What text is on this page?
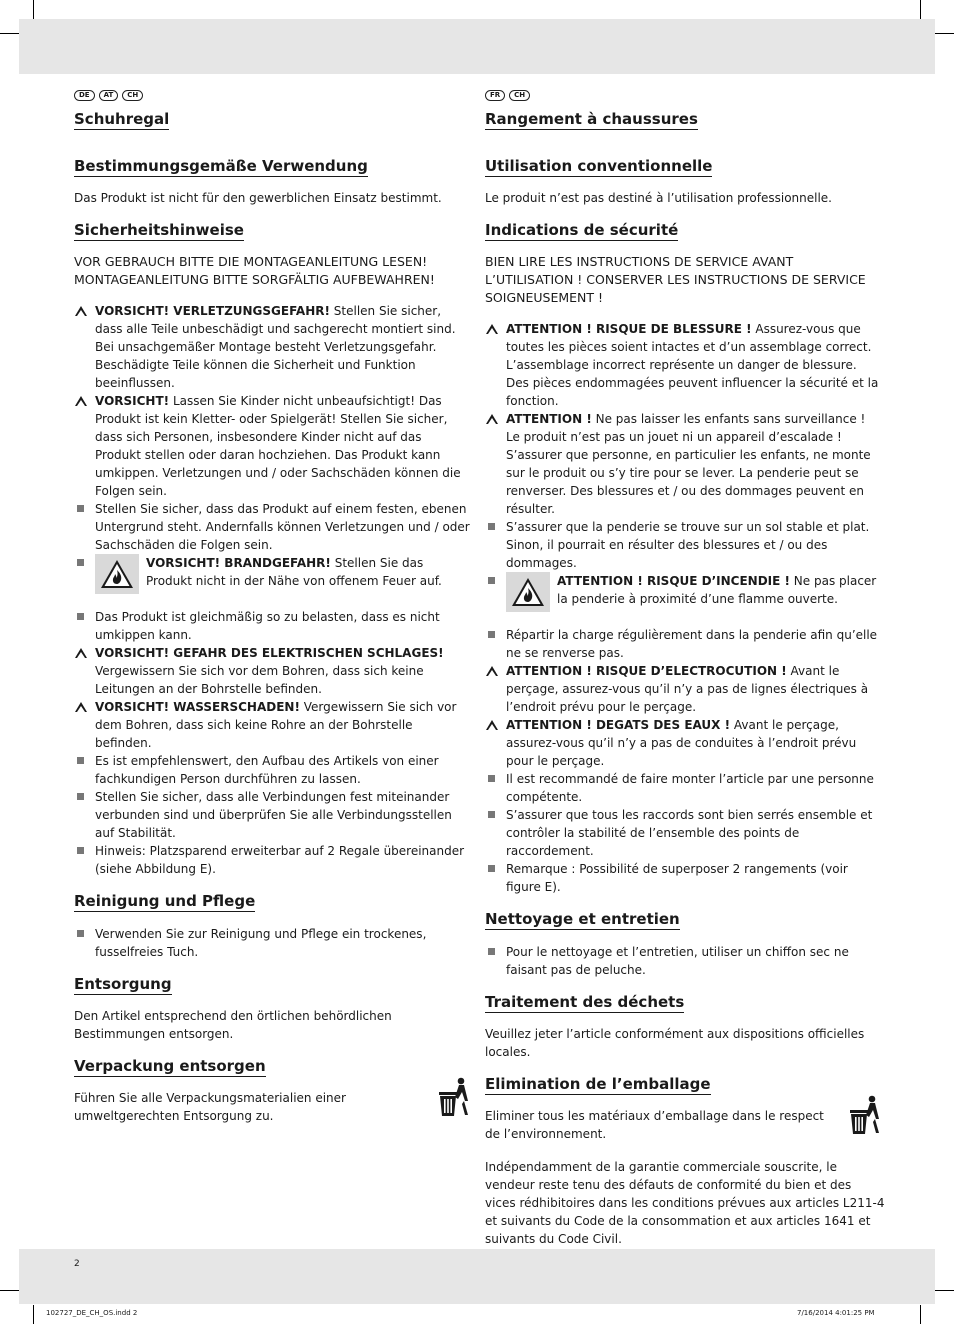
DE	AT	CH
Schuhregal
Bestimmungsgemäße Verwendung

Das Produkt ist nicht für den gewerblichen Einsatz bestimmt.

Sicherheitshinweise

VOR GEBRAUCH BITTE DIE MONTAGEANLEITUNG LESEN! MONTAGEANLEITUNG BITTE SORGFÄLTIG AUFBEWAHREN!

VORSICHT! VERLETZUNGSGEFAHR! Stellen Sie sicher, dass alle Teile unbeschädigt und sachgerecht montiert sind. Bei unsachgemäßer Montage besteht Verletzungsgefahr. Beschädigte Teile können die Sicherheit und Funktion beeinflussen.
VORSICHT! Lassen Sie Kinder nicht unbeaufsichtigt! Das Produkt ist kein Kletter- oder Spielgerät! Stellen Sie sicher, dass sich Personen, insbesondere Kinder nicht auf das Produkt stellen oder daran hochziehen. Das Produkt kann umkippen. Verletzungen und / oder Sachschäden können die Folgen sein.
Stellen Sie sicher, dass das Produkt auf einem festen, ebenen Untergrund steht. Andernfalls können Verletzungen und / oder Sachschäden die Folgen sein.
VORSICHT! BRANDGEFAHR! Stellen Sie das Produkt nicht in der Nähe von offenem Feuer auf.
Das Produkt ist gleichmäßig so zu belasten, dass es nicht umkippen kann.
VORSICHT! GEFAHR DES ELEKTRISCHEN SCHLAGES! Vergewissern Sie sich vor dem Bohren, dass sich keine Leitungen an der Bohrstelle befinden.
VORSICHT! WASSERSCHADEN! Vergewissern Sie sich vor dem Bohren, dass sich keine Rohre an der Bohrstelle befinden.
Es ist empfehlenswert, den Aufbau des Artikels von einer fachkundigen Person durchführen zu lassen.
Stellen Sie sicher, dass alle Verbindungen fest miteinander verbunden sind und überprüfen Sie alle Verbindungsstellen auf Stabilität.
Hinweis: Platzsparend erweiterbar auf 2 Regale übereinander (siehe Abbildung E).
Reinigung und Pflege
Verwenden Sie zur Reinigung und Pflege ein trockenes, fusselfreies Tuch.
Entsorgung

Den Artikel entsprechend den örtlichen behördlichen Bestimmungen entsorgen.

Verpackung entsorgen

Führen Sie alle Verpackungsmaterialien einer umweltgerechten Entsorgung zu.

FR	CH
Rangement à chaussures
Utilisation conventionnelle

Le produit n’est pas destiné à l’utilisation professionnelle.

Indications de sécurité

BIEN LIRE LES INSTRUCTIONS DE SERVICE AVANT L’UTILISATION ! CONSERVER LES INSTRUCTIONS DE SERVICE SOIGNEUSEMENT !

ATTENTION ! RISQUE DE BLESSURE ! Assurez-vous que toutes les pièces soient intactes et d’un assemblage correct. L’assemblage incorrect représente un danger de blessure. Des pièces endommagées peuvent influencer la sécurité et la fonction.
ATTENTION ! Ne pas laisser les enfants sans surveillance ! Le produit n’est pas un jouet ni un appareil d’escalade ! S’assurer que personne, en particulier les enfants, ne monte sur le produit ou s’y tire pour se lever. La penderie peut se renverser. Des blessures et / ou des dommages peuvent en résulter.
S’assurer que la penderie se trouve sur un sol stable et plat. Sinon, il pourrait en résulter des blessures et / ou des dommages.
ATTENTION ! RISQUE D’INCENDIE ! Ne pas placer la penderie à proximité d’une flamme ouverte.
Répartir la charge régulièrement dans la penderie afin qu’elle ne se renverse pas.
ATTENTION ! RISQUE D’ELECTROCUTION ! Avant le perçage, assurez-vous qu’il n’y a pas de lignes électriques à l’endroit prévu pour le perçage.
ATTENTION ! DEGATS DES EAUX ! Avant le perçage, assurez-vous qu’il n’y a pas de conduites à l’endroit prévu pour le perçage.
Il est recommandé de faire monter l’article par une personne compétente.
S’assurer que tous les raccords sont bien serrés ensemble et contrôler la stabilité de l’ensemble des points de raccordement.
Remarque : Possibilité de superposer 2 rangements (voir figure E).
Nettoyage et entretien
Pour le nettoyage et l’entretien, utiliser un chiffon sec ne faisant pas de peluche.
Traitement des déchets

Veuillez jeter l’article conformément aux dispositions officielles locales.

Elimination de l’emballage

Eliminer tous les matériaux d’emballage dans le respect de l’environnement.

Indépendamment de la garantie commerciale souscrite, le vendeur reste tenu des défauts de conformité du bien et des vices rédhibitoires dans les conditions prévues aux articles L211-4 et suivants du Code de la consommation et aux articles 1641 et suivants du Code Civil.

2
102727_DE_CH_OS.indd 2	7/16/2014 4:01:25 PM
